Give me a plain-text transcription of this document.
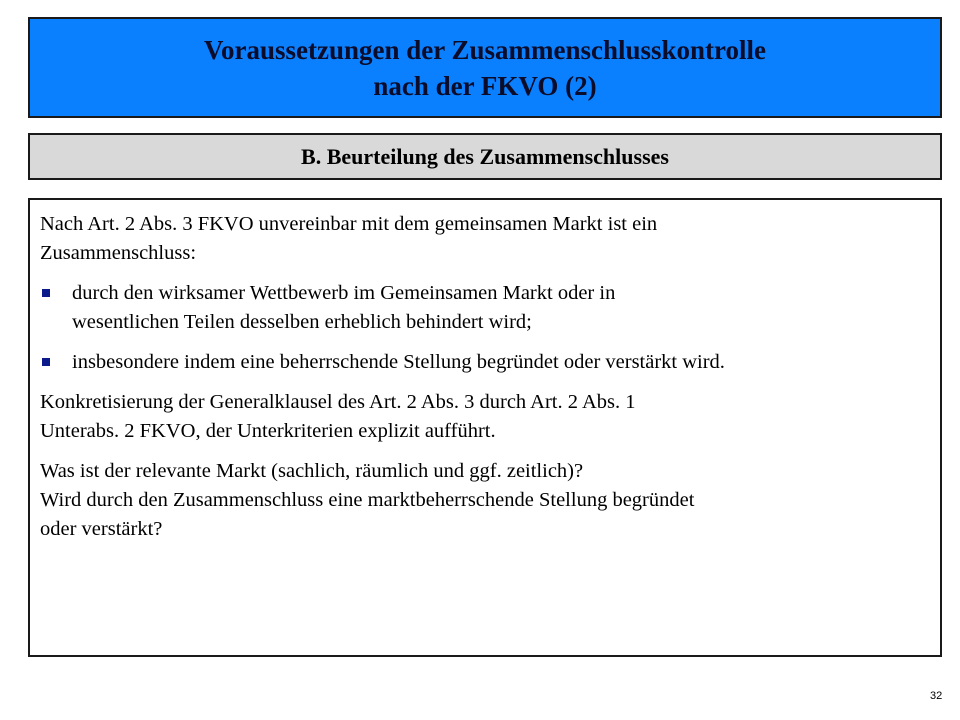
Voraussetzungen der Zusammenschlusskontrolle
nach der FKVO (2)
B. Beurteilung des Zusammenschlusses
Nach Art. 2 Abs. 3 FKVO unvereinbar mit dem gemeinsamen Markt ist ein
Zusammenschluss:
durch den wirksamer Wettbewerb im Gemeinsamen Markt oder in
wesentlichen Teilen desselben erheblich behindert wird;
insbesondere indem eine beherrschende Stellung begründet oder verstärkt wird.
Konkretisierung der Generalklausel des Art. 2 Abs. 3 durch Art. 2 Abs. 1
Unterabs. 2 FKVO, der Unterkriterien explizit aufführt.
Was ist der relevante Markt (sachlich, räumlich und ggf. zeitlich)?
Wird durch den Zusammenschluss eine marktbeherrschende Stellung begründet
oder verstärkt?
32
